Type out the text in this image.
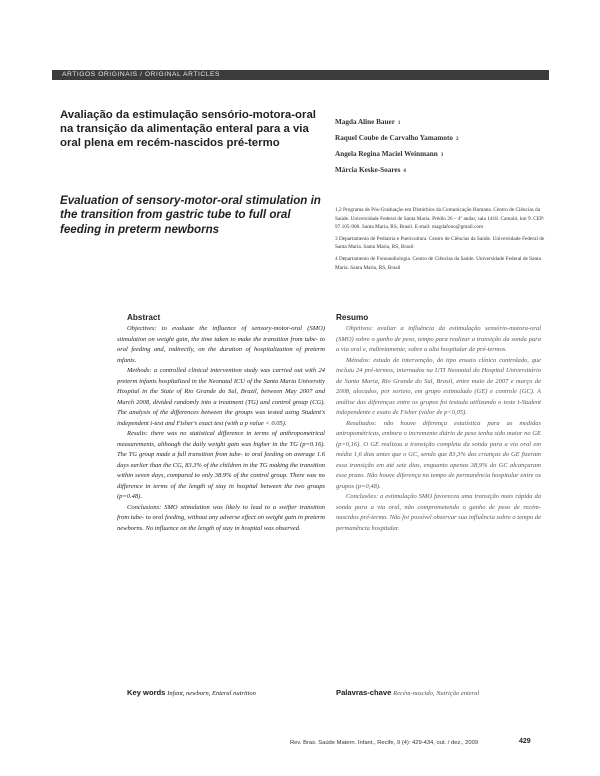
ARTIGOS ORIGINAIS / ORIGINAL ARTICLES
Avaliação da estimulação sensório-motora-oral na transição da alimentação enteral para a via oral plena em recém-nascidos pré-termo
Evaluation of sensory-motor-oral stimulation in the transition from gastric tube to full oral feeding in preterm newborns
Magda Aline Bauer 1
Raquel Coube de Carvalho Yamamoto 2
Angela Regina Maciel Weinmann 3
Márcia Keske-Soares 4

1,2 Programa de Pós-Graduação em Distúrbios da Comunicação Humana. Centro de Ciências da Saúde. Universidade Federal de Santa Maria. Prédio 26 – 4º andar, sala 1418. Camobi, km 9. CEP: 97.105-900. Santa Maria, RS, Brasil. E-mail: magdafono@gmail.com

3 Departamento de Pediatria e Puericultura. Centro de Ciências da Saúde. Universidade Federal de Santa Maria. Santa Maria, RS, Brasil

4 Departamento de Fonoaudiologia. Centro de Ciências da Saúde. Universidade Federal de Santa Maria. Santa Maria, RS, Brasil

Abstract	Resumo

Objectives: to evaluate the influence of sensory-motor-oral (SMO) stimulation on weight gain, the time taken to make the transition from tube- to oral feeding and, indirectly, on the duration of hospitalization of preterm infants.

Methods: a controlled clinical intervention study was carried out with 24 preterm infants hospitalized in the Neonatal ICU of the Santa Maria University Hospital in the State of Rio Grande do Sul, Brazil, between May 2007 and March 2008, divided randomly into a treatment (TG) and control group (CG). The analysis of the differences between the groups was tested using Student's independent t-test and Fisher's exact test (with a p value < 0.05).

Results: there was no statistical difference in terms of anthropometrical measurements, although the daily weight gain was higher in the TG (p=0.16). The TG group made a full transition from tube- to oral feeding on average 1.6 days earlier than the CG, 83.3% of the children in the TG making the transition within seven days, compared to only 38.9% of the control group. There was no difference in terms of the length of stay in hospital between the two groups (p=0.48).

Conclusions: SMO stimulation was likely to lead to a swifter transition from tube- to oral feeding, without any adverse effect on weight gain in preterm newborns. No influence on the length of stay in hospital was observed.

Key words Infant, newborn, Enteral nutrition

Objetivos: avaliar a influência da estimulação sensório-motora-oral (SMO) sobre o ganho de peso, tempo para realizar a transição da sonda para a via oral e, indiretamente, sobre a alta hospitalar de pré-termos.

Métodos: estudo de intervenção, do tipo ensaio clínico controlado, que incluiu 24 pré-termos, internados na UTI Neonatal do Hospital Universitário de Santa Maria, Rio Grande do Sul, Brasil, entre maio de 2007 e março de 2008, alocados, por sorteio, em grupo estimulado (GE) e controle (GC). A análise das diferenças entre os grupos foi testada utilizando o teste t-Student independente e exato de Fisher (valor de p<0,05).

Resultados: não houve diferença estatística para as medidas antropométricas, embora o incremento diário de peso tenha sido maior no GE (p=0,16). O GE realizou a transição completa da sonda para a via oral em média 1,6 dias antes que o GC, sendo que 83,3% das crianças do GE fizeram essa transição em até sete dias, enquanto apenas 38,9% do GC alcançaram esse prazo. Não houve diferença no tempo de permanência hospitalar entre os grupos (p=0,48).

Conclusões: a estimulação SMO favoreceu uma transição mais rápida da sonda para a via oral, não comprometendo o ganho de peso de recém-nascidos pré-termo. Não foi possível observar sua influência sobre o tempo de permanência hospitalar.

Palavras-chave Recém-nascido, Nutrição enteral
Rev. Bras. Saúde Matern. Infant., Recife, 9 (4): 429-434, out. / dez., 2009	429
